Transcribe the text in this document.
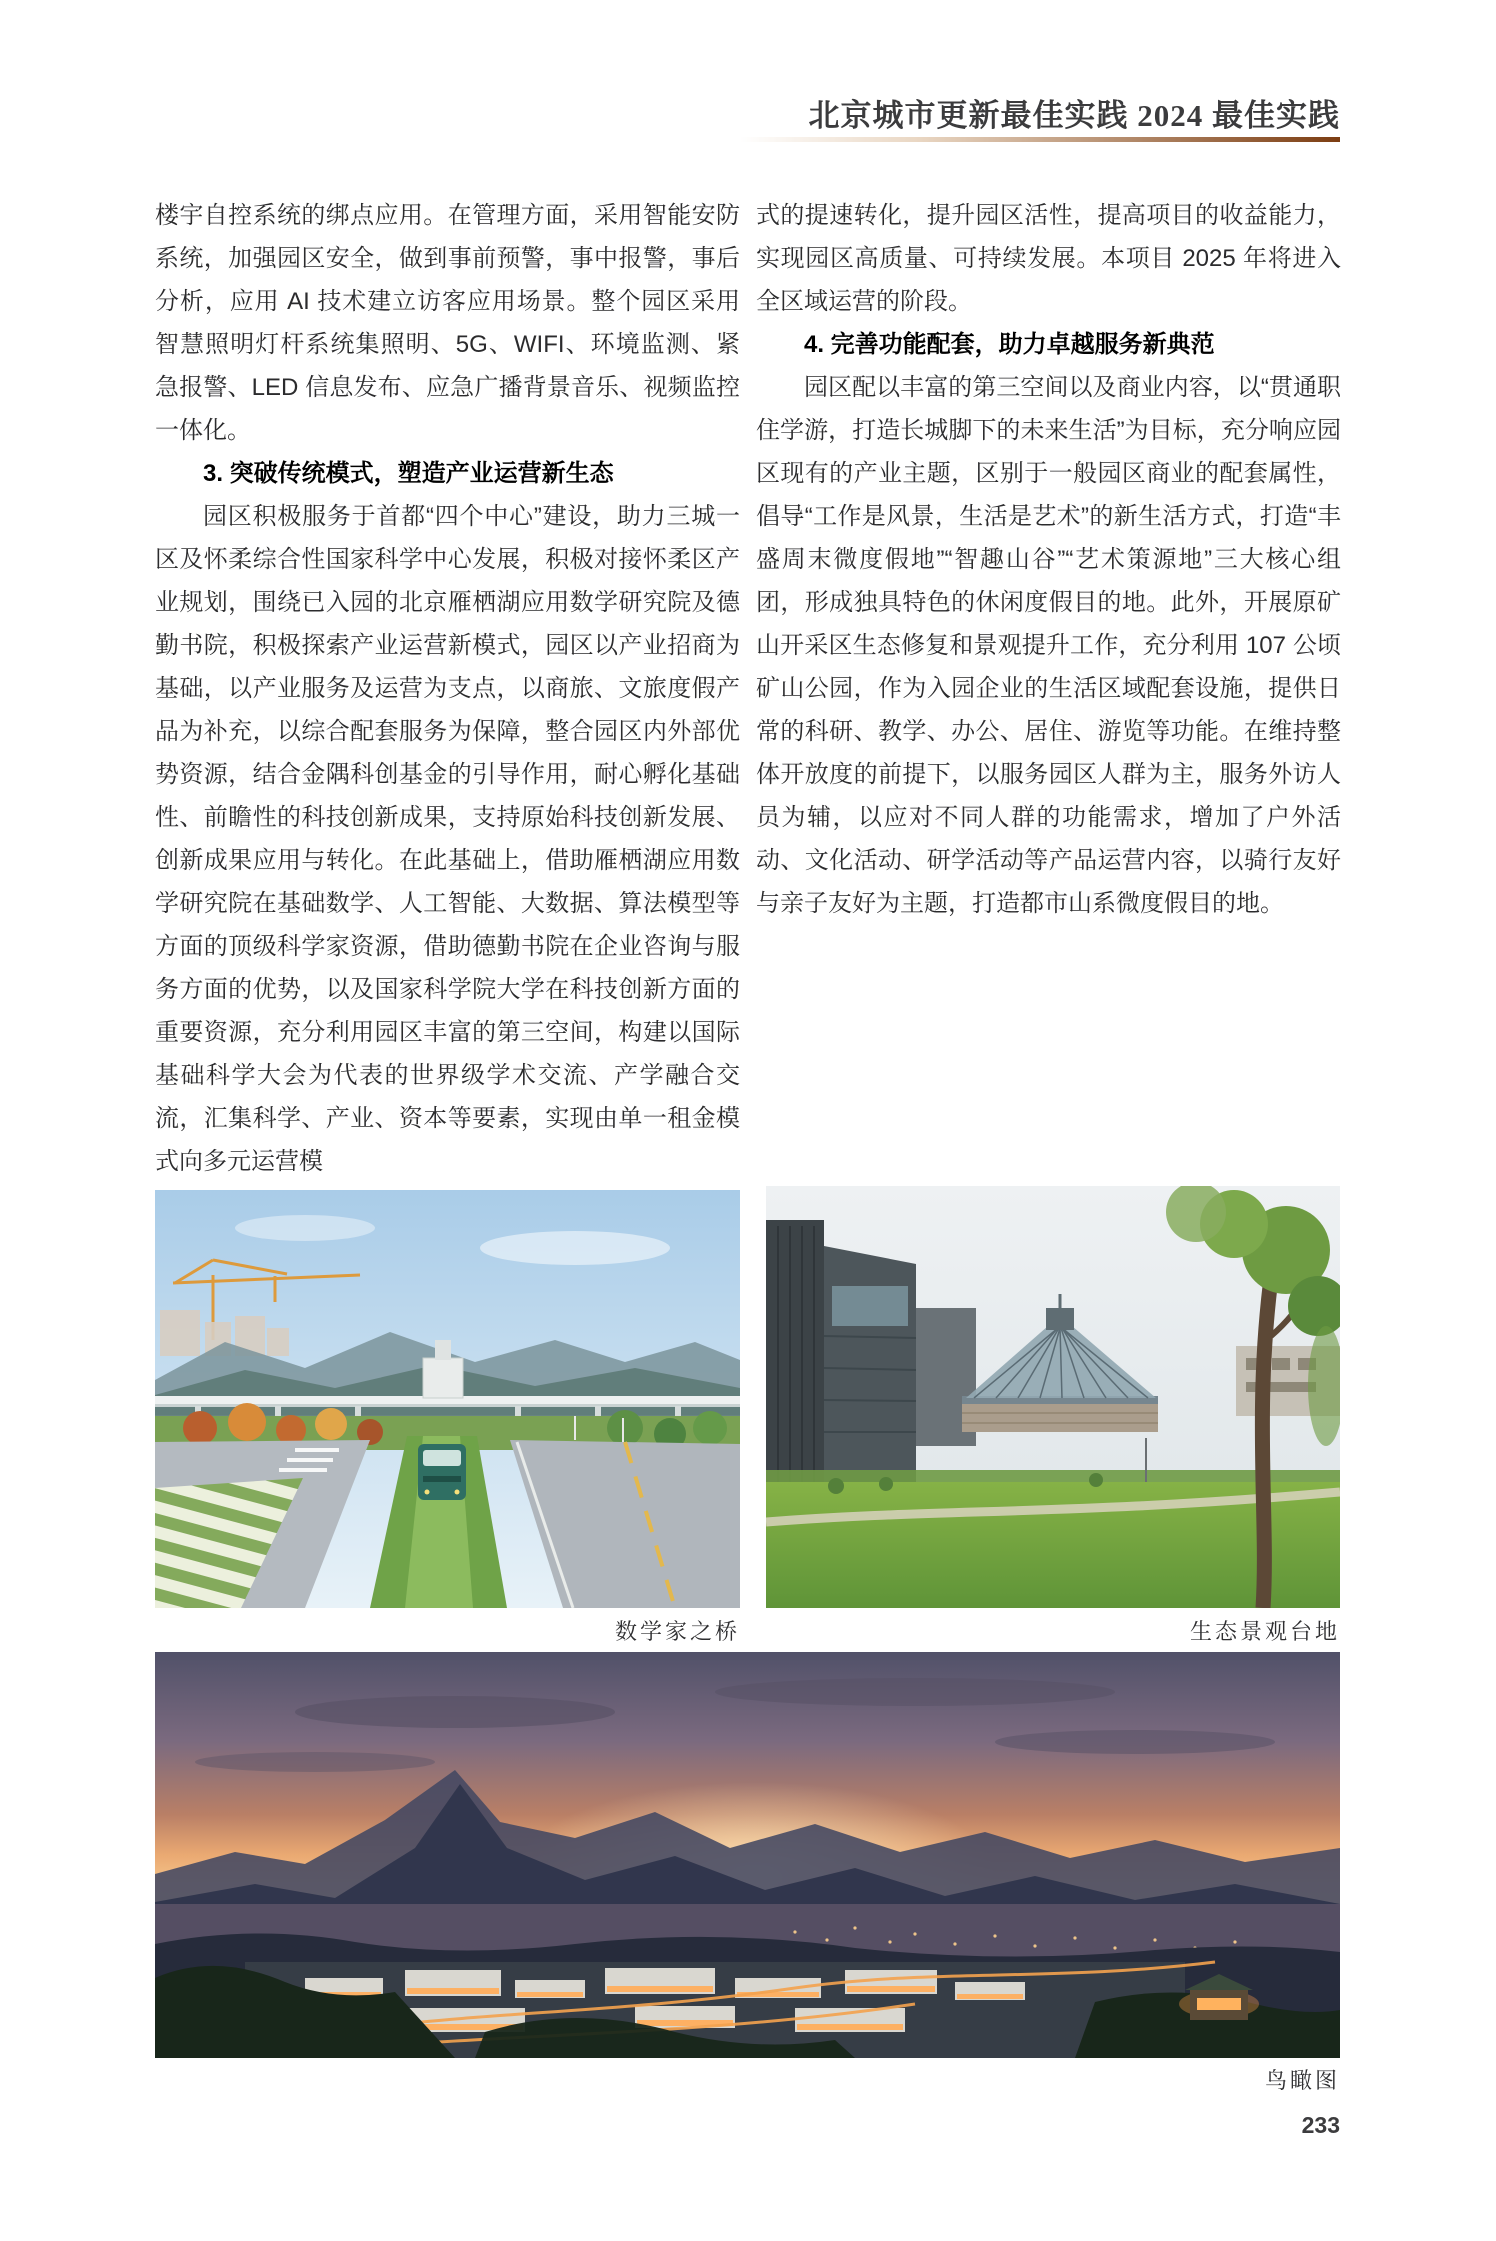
北京城市更新最佳实践 2024 最佳实践

楼宇自控系统的绑点应用。在管理方面，采用智能安防系统，加强园区安全，做到事前预警，事中报警，事后分析，应用 AI 技术建立访客应用场景。整个园区采用智慧照明灯杆系统集照明、5G、WIFI、环境监测、紧急报警、LED 信息发布、应急广播背景音乐、视频监控一体化。

3. 突破传统模式，塑造产业运营新生态

园区积极服务于首都“四个中心”建设，助力三城一区及怀柔综合性国家科学中心发展，积极对接怀柔区产业规划，围绕已入园的北京雁栖湖应用数学研究院及德勤书院，积极探索产业运营新模式，园区以产业招商为基础，以产业服务及运营为支点，以商旅、文旅度假产品为补充，以综合配套服务为保障，整合园区内外部优势资源，结合金隅科创基金的引导作用，耐心孵化基础性、前瞻性的科技创新成果，支持原始科技创新发展、创新成果应用与转化。在此基础上，借助雁栖湖应用数学研究院在基础数学、人工智能、大数据、算法模型等方面的顶级科学家资源，借助德勤书院在企业咨询与服务方面的优势，以及国家科学院大学在科技创新方面的重要资源，充分利用园区丰富的第三空间，构建以国际基础科学大会为代表的世界级学术交流、产学融合交流，汇集科学、产业、资本等要素，实现由单一租金模式向多元运营模

式的提速转化，提升园区活性，提高项目的收益能力，实现园区高质量、可持续发展。本项目 2025 年将进入全区域运营的阶段。

4. 完善功能配套，助力卓越服务新典范

园区配以丰富的第三空间以及商业内容，以“贯通职住学游，打造长城脚下的未来生活”为目标，充分响应园区现有的产业主题，区别于一般园区商业的配套属性，倡导“工作是风景，生活是艺术”的新生活方式，打造“丰盛周末微度假地”“智趣山谷”“艺术策源地”三大核心组团，形成独具特色的休闲度假目的地。此外，开展原矿山开采区生态修复和景观提升工作，充分利用 107 公顷矿山公园，作为入园企业的生活区域配套设施，提供日常的科研、教学、办公、居住、游览等功能。在维持整体开放度的前提下，以服务园区人群为主，服务外访人员为辅，以应对不同人群的功能需求，增加了户外活动、文化活动、研学活动等产品运营内容，以骑行友好与亲子友好为主题，打造都市山系微度假目的地。

数学家之桥	生态景观台地
鸟瞰图
233
